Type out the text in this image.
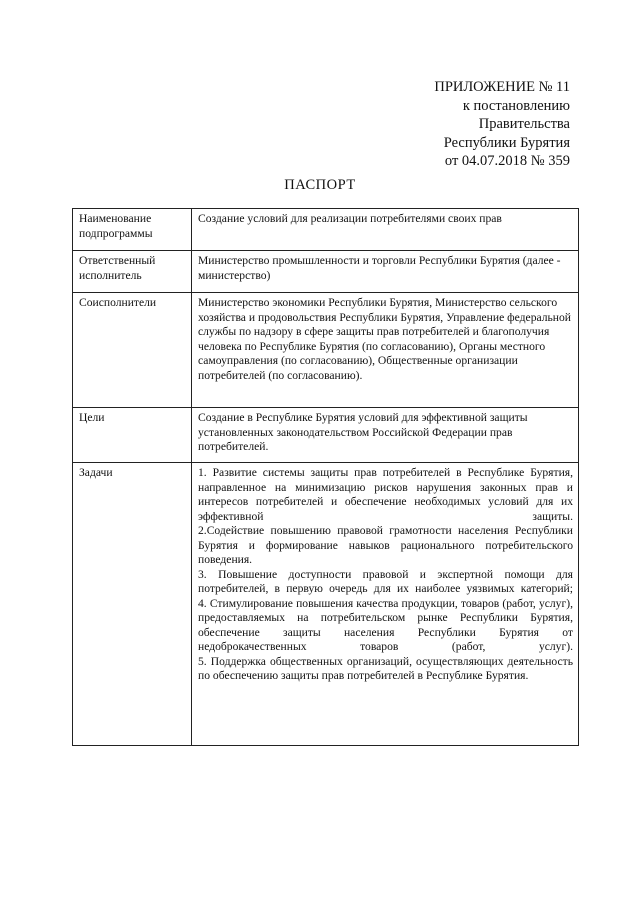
ПРИЛОЖЕНИЕ № 11
к постановлению
Правительства
Республики Бурятия
от 04.07.2018 № 359
ПАСПОРТ
Наименование подпрограммы	Создание условий для реализации потребителями своих прав
Ответственный исполнитель	Министерство промышленности и торговли Республики Бурятия (далее - министерство)
Соисполнители	Министерство экономики Республики Бурятия, Министерство сельского хозяйства и продовольствия Республики Бурятия, Управление федеральной службы по надзору в сфере защиты прав потребителей и благополучия человека по Республике Бурятия (по согласованию), Органы местного самоуправления (по согласованию), Общественные организации потребителей (по согласованию).
Цели	Создание в Республике Бурятия условий для эффективной защиты установленных законодательством Российской Федерации прав потребителей.
Задачи	1. Развитие системы защиты прав потребителей в Республике Бурятия, направленное на минимизацию рисков нарушения законных прав и интересов потребителей и обеспечение необходимых условий для их эффективной защиты.
2.Содействие повышению правовой грамотности населения Республики Бурятия и формирование навыков рационального потребительского поведения.
3. Повышение доступности правовой и экспертной помощи для потребителей, в первую очередь для их наиболее уязвимых категорий;
4. Стимулирование повышения качества продукции, товаров (работ, услуг), предоставляемых на потребительском рынке Республики Бурятия, обеспечение защиты населения Республики Бурятия от недоброкачественных товаров (работ, услуг).
5. Поддержка общественных организаций, осуществляющих деятельность по обеспечению защиты прав потребителей в Республике Бурятия.
